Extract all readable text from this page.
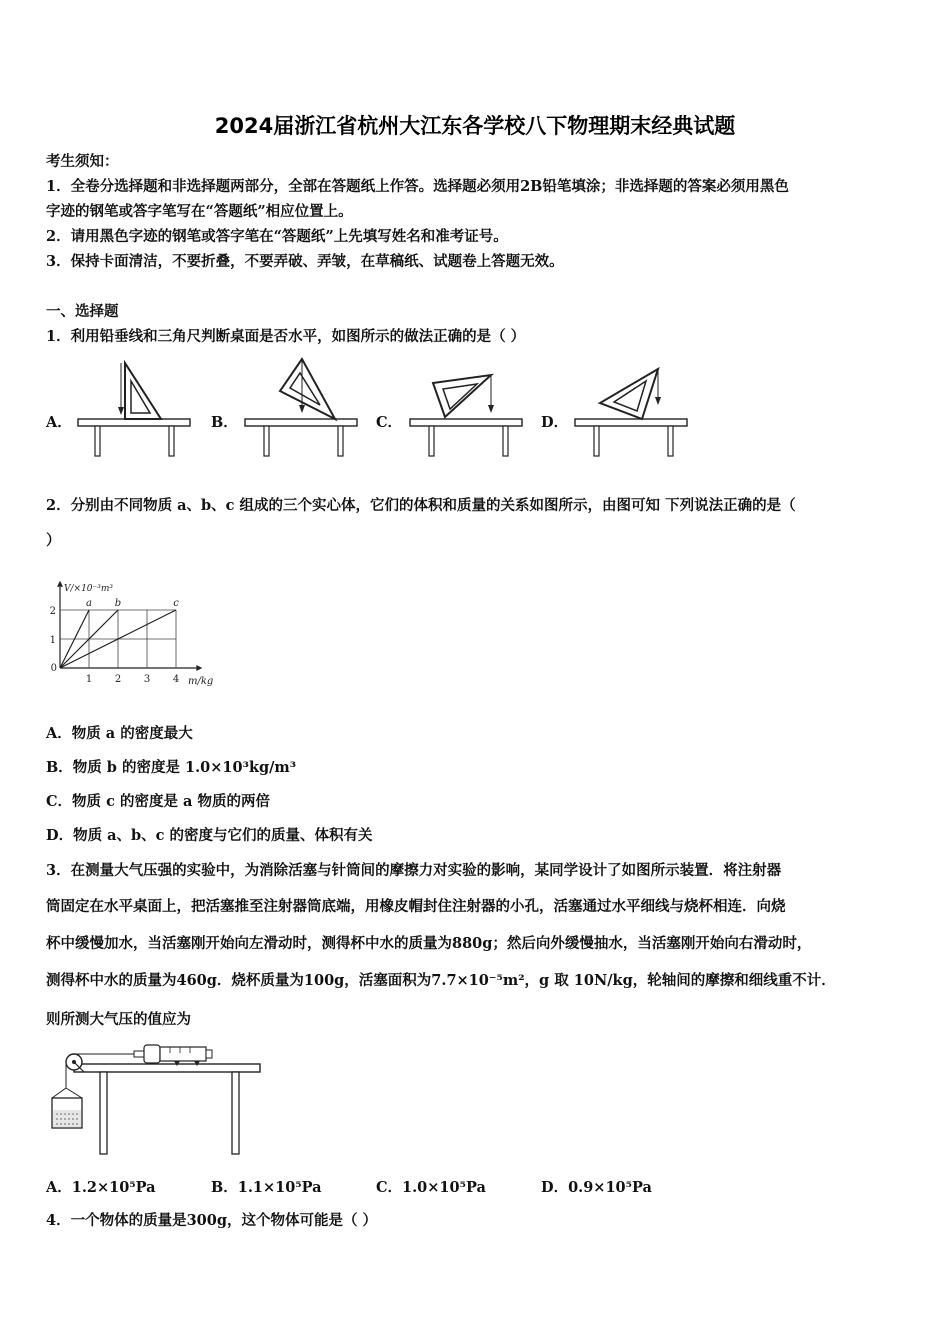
2024届浙江省杭州大江东各学校八下物理期末经典试题
考生须知：
1．全卷分选择题和非选择题两部分，全部在答题纸上作答。选择题必须用2B铅笔填涂；非选择题的答案必须用黑色
字迹的钢笔或答字笔写在“答题纸”相应位置上。
2．请用黑色字迹的钢笔或答字笔在“答题纸”上先填写姓名和准考证号。
3．保持卡面清洁，不要折叠，不要弄破、弄皱，在草稿纸、试题卷上答题无效。
一、选择题
1．利用铅垂线和三角尺判断桌面是否水平，如图所示的做法正确的是（ ）
A．	B．	C．	D．
2．分别由不同物质 a、b、c 组成的三个实心体，它们的体积和质量的关系如图所示，由图可知 下列说法正确的是（
）
1 2 3 4
1
2
0
V/×10⁻³m³
m/kg
a b	c
A．物质 a 的密度最大
B．物质 b 的密度是 1.0×10³kg/m³
C．物质 c 的密度是 a 物质的两倍
D．物质 a、b、c 的密度与它们的质量、体积有关
3．在测量大气压强的实验中，为消除活塞与针筒间的摩擦力对实验的影响，某同学设计了如图所示装置．将注射器
筒固定在水平桌面上，把活塞推至注射器筒底端，用橡皮帽封住注射器的小孔，活塞通过水平细线与烧杯相连．向烧
杯中缓慢加水，当活塞刚开始向左滑动时，测得杯中水的质量为880g；然后向外缓慢抽水，当活塞刚开始向右滑动时，
测得杯中水的质量为460g．烧杯质量为100g，活塞面积为7.7×10⁻⁵m²，g 取 10N/kg，轮轴间的摩擦和细线重不计．
则所测大气压的值应为
A．1.2×10⁵Pa	B．1.1×10⁵Pa	C．1.0×10⁵Pa	D．0.9×10⁵Pa
4．一个物体的质量是300g，这个物体可能是（ ）
